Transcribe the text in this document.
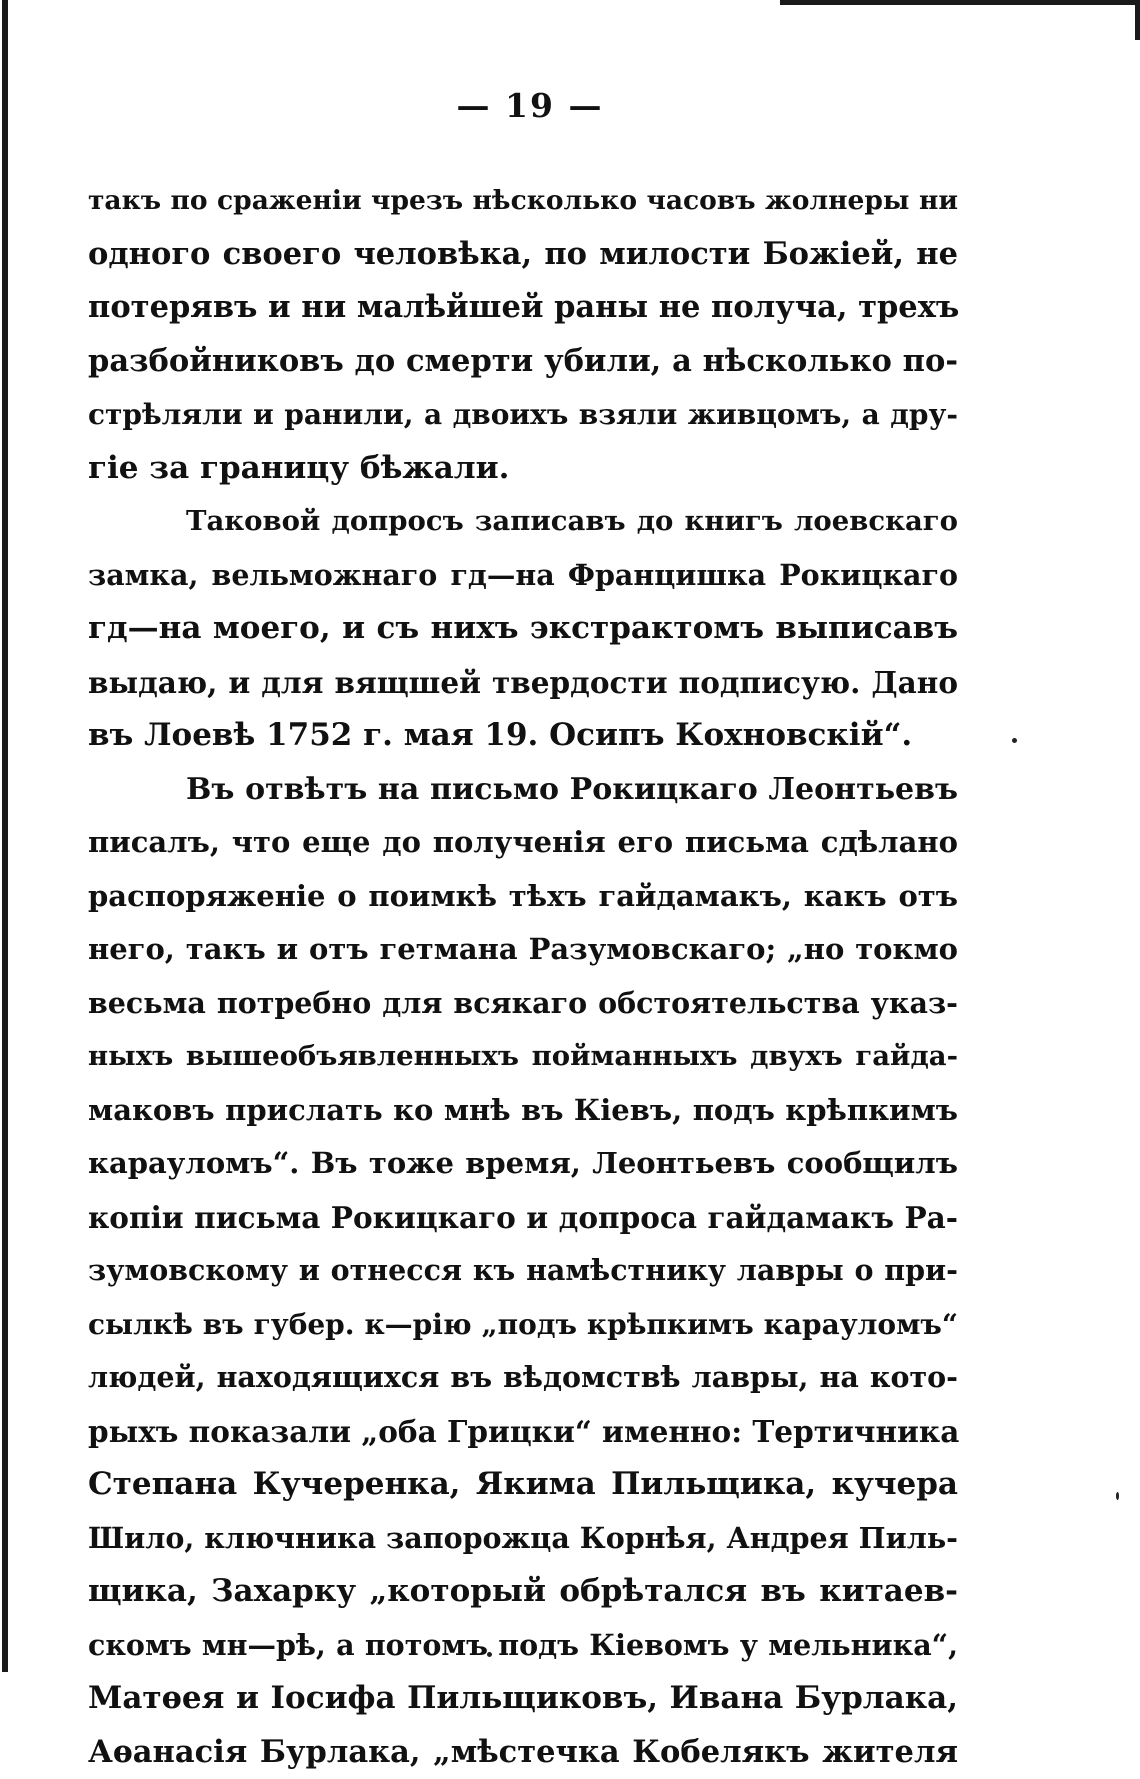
— 19 —
такъ по сраженіи чрезъ нѣсколько часовъ жолнеры ни
одного своего человѣка, по милости Божіей, не
потерявъ и ни малѣйшей раны не получа, трехъ
разбойниковъ до смерти убили, а нѣсколько по-
стрѣляли и ранили, а двоихъ взяли живцомъ, а дру-
гіе за границу бѣжали.
Таковой допросъ записавъ до книгъ лоевскаго
замка, вельможнаго гд—на Францишка Рокицкаго
гд—на моего, и съ нихъ экстрактомъ выписавъ
выдаю, и для вящшей твердости подписую. Дано
въ Лоевѣ 1752 г. мая 19. Осипъ Кохновскій“.
Въ отвѣтъ на письмо Рокицкаго Леонтьевъ
писалъ, что еще до полученія его письма сдѣлано
распоряженіе о поимкѣ тѣхъ гайдамакъ, какъ отъ
него, такъ и отъ гетмана Разумовскаго; „но токмо
весьма потребно для всякаго обстоятельства указ-
ныхъ вышеобъявленныхъ пойманныхъ двухъ гайда-
маковъ прислать ко мнѣ въ Кіевъ, подъ крѣпкимъ
карауломъ“. Въ тоже время, Леонтьевъ сообщилъ
копіи письма Рокицкаго и допроса гайдамакъ Ра-
зумовскому и отнесся къ намѣстнику лавры о при-
сылкѣ въ губер. к—рію „подъ крѣпкимъ карауломъ“
людей, находящихся въ вѣдомствѣ лавры, на кото-
рыхъ показали „оба Грицки“ именно: Тертичника
Степана Кучеренка, Якима Пильщика, кучера
Шило, ключника запорожца Корнѣя, Андрея Пиль-
щика, Захарку „который обрѣтался въ китаев-
скомъ мн—рѣ, а потомъ подъ Кіевомъ у мельника“,
Матѳея и Іосифа Пильщиковъ, Ивана Бурлака,
Аѳанасія Бурлака, „мѣстечка Кобелякъ жителя
